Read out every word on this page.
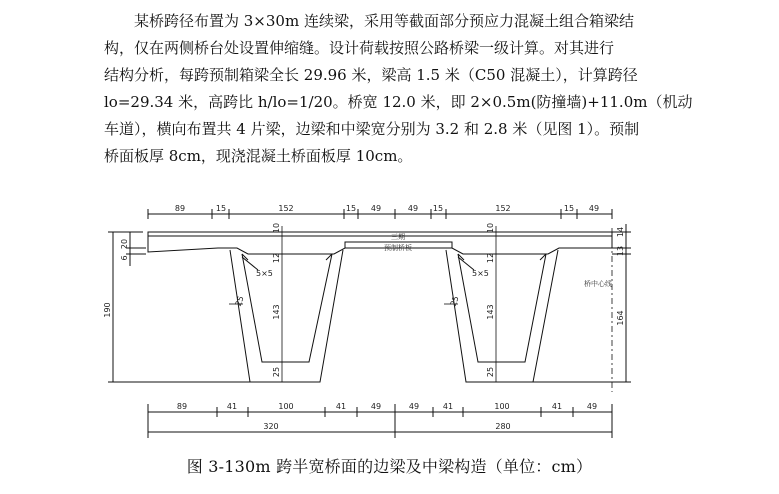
某桥跨径布置为 3×30m 连续梁，采用等截面部分预应力混凝土组合箱梁结
构，仅在两侧桥台处设置伸缩缝。设计荷载按照公路桥梁一级计算。对其进行
结构分析，每跨预制箱梁全长 29.96 米，梁高 1.5 米（C50 混凝土），计算跨径
lo=29.34 米，高跨比 h/lo=1/20。桥宽 12.0 米，即 2×0.5m(防撞墙)+11.0m（机动
车道），横向布置共 4 片梁，边梁和中梁宽分别为 3.2 和 2.8 米（见图 1）。预制
桥面板厚 8cm，现浇混凝土桥面板厚 10cm。

89	15	152	15 49	49 15	152	15 49
89	41	100	41	49	49	41	100	41	49
320	280
20
6
190
14
13
164
10	10
12	12
143	143
25	25
25	25
5×5	5×5
三期
预制桥板
桥中心线
图 3-130m 跨半宽桥面的边梁及中梁构造（单位：cm）
